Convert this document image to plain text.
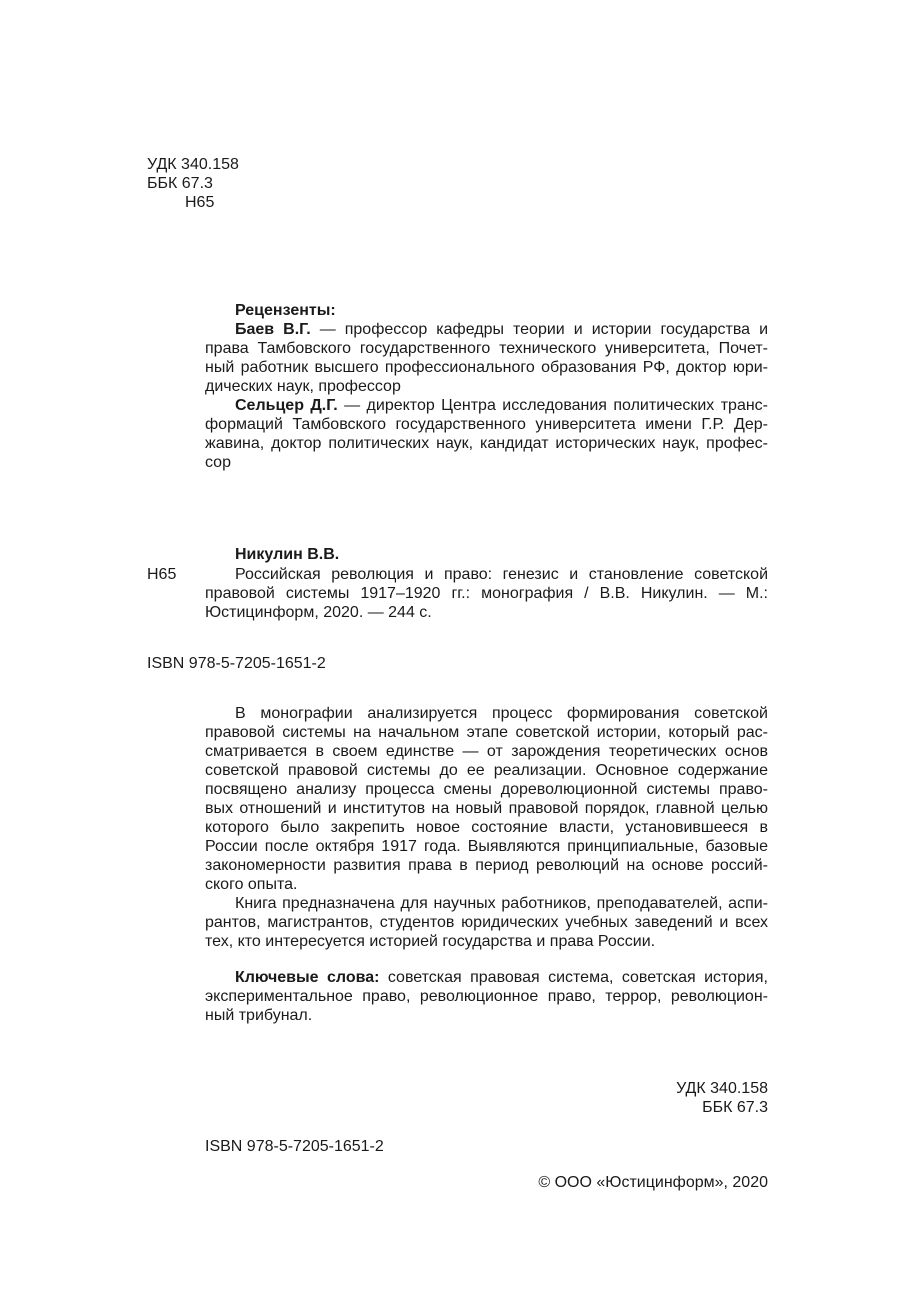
УДК 340.158
ББК 67.3
Н65
Рецензенты:
Баев В.Г. — профессор кафедры теории и истории государства и
права Тамбовского государственного технического университета, Почет-
ный работник высшего профессионального образования РФ, доктор юри-
дических наук, профессор
Сельцер Д.Г. — директор Центра исследования политических транс-
формаций Тамбовского государственного университета имени Г.Р. Дер-
жавина, доктор политических наук, кандидат исторических наук, профес-
сор
Никулин В.В.
Н65	Российская революция и право: генезис и становление советской
правовой системы 1917–1920 гг.: монография / В.В. Никулин. — М.:
Юстицинформ, 2020. — 244 с.
ISBN 978-5-7205-1651-2
В монографии анализируется процесс формирования советской
правовой системы на начальном этапе советской истории, который рас-
сматривается в своем единстве — от зарождения теоретических основ
советской правовой системы до ее реализации. Основное содержание
посвящено анализу процесса смены дореволюционной системы право-
вых отношений и институтов на новый правовой порядок, главной целью
которого было закрепить новое состояние власти, установившееся в
России после октября 1917 года. Выявляются принципиальные, базовые
закономерности развития права в период революций на основе россий-
ского опыта.
Книга предназначена для научных работников, преподавателей, аспи-
рантов, магистрантов, студентов юридических учебных заведений и всех
тех, кто интересуется историей государства и права России.
Ключевые слова: советская правовая система, советская история,
экспериментальное право, революционное право, террор, революцион-
ный трибунал.
УДК 340.158
ББК 67.3
ISBN 978-5-7205-1651-2
© ООО «Юстицинформ», 2020
